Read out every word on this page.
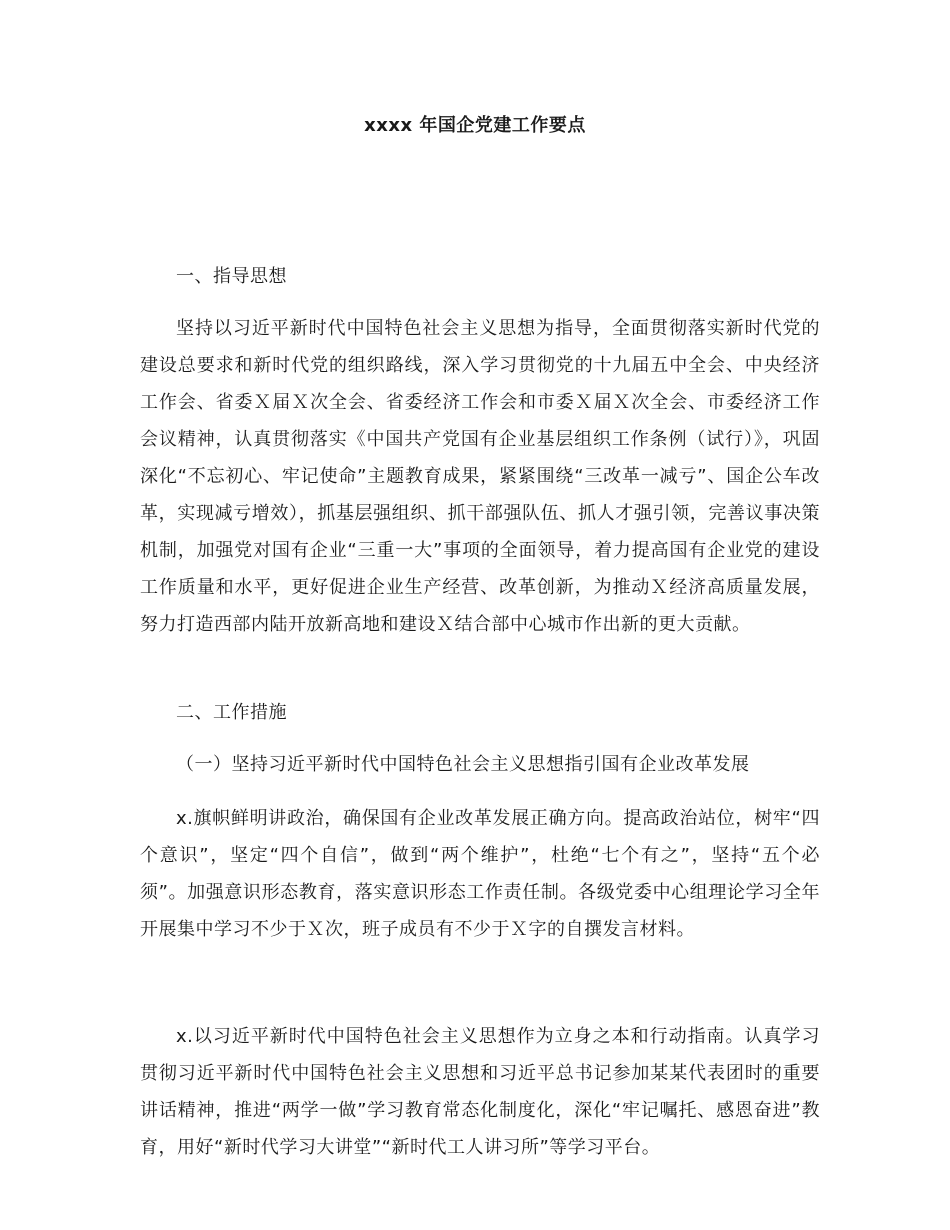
xxxx 年国企党建工作要点
一、指导思想
坚持以习近平新时代中国特色社会主义思想为指导，全面贯彻落实新时代党的建设总要求和新时代党的组织路线，深入学习贯彻党的十九届五中全会、中央经济工作会、省委Ｘ届Ｘ次全会、省委经济工作会和市委Ｘ届Ｘ次全会、市委经济工作会议精神，认真贯彻落实《中国共产党国有企业基层组织工作条例（试行）》，巩固深化“不忘初心、牢记使命”主题教育成果，紧紧围绕“三改革一减亏”、国企公车改革，实现减亏增效），抓基层强组织、抓干部强队伍、抓人才强引领，完善议事决策机制，加强党对国有企业“三重一大”事项的全面领导，着力提高国有企业党的建设工作质量和水平，更好促进企业生产经营、改革创新，为推动Ｘ经济高质量发展，努力打造西部内陆开放新高地和建设Ｘ结合部中心城市作出新的更大贡献。
二、工作措施
（一）坚持习近平新时代中国特色社会主义思想指引国有企业改革发展
x.旗帜鲜明讲政治，确保国有企业改革发展正确方向。提高政治站位，树牢“四个意识”，坚定“四个自信”，做到“两个维护”，杜绝“七个有之”，坚持“五个必须”。加强意识形态教育，落实意识形态工作责任制。各级党委中心组理论学习全年开展集中学习不少于Ｘ次，班子成员有不少于Ｘ字的自撰发言材料。
x.以习近平新时代中国特色社会主义思想作为立身之本和行动指南。认真学习贯彻习近平新时代中国特色社会主义思想和习近平总书记参加某某代表团时的重要讲话精神，推进“两学一做”学习教育常态化制度化，深化“牢记嘱托、感恩奋进”教育，用好“新时代学习大讲堂”“新时代工人讲习所”等学习平台。
